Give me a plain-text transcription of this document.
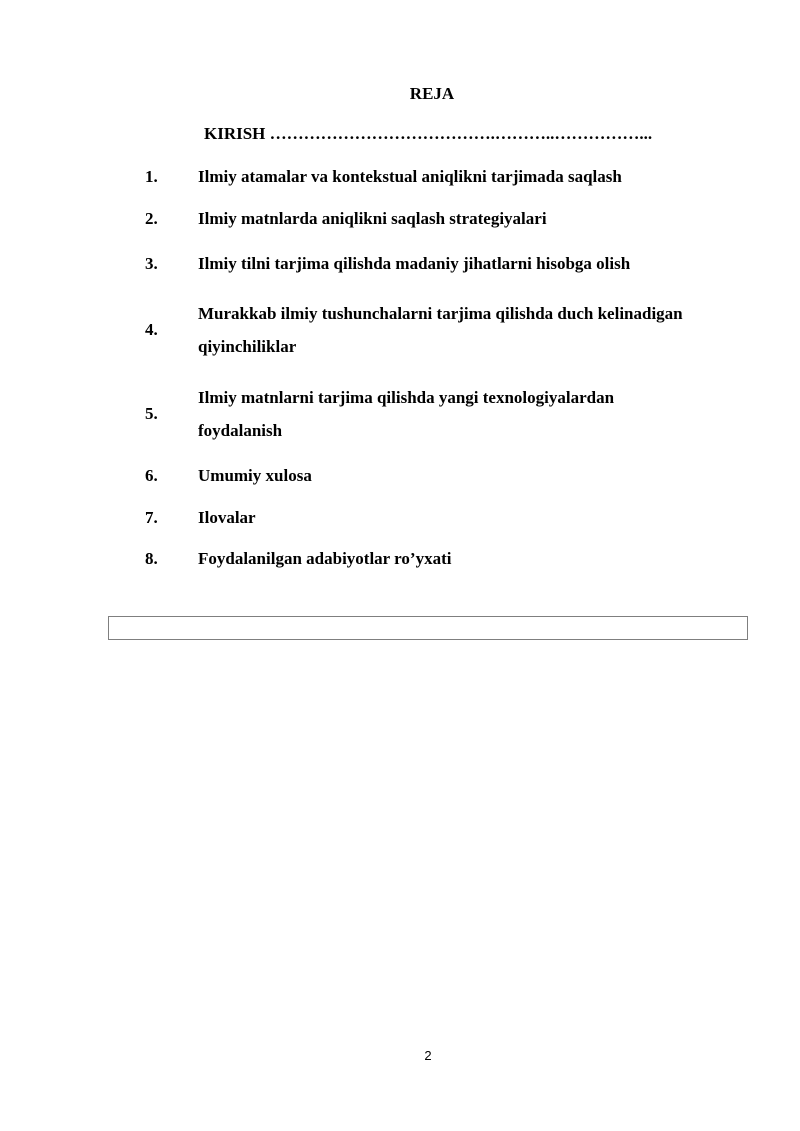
REJA
KIRISH ………………………………….………..……………...
1. Ilmiy atamalar va kontekstual aniqlikni tarjimada saqlash
2. Ilmiy matnlarda aniqlikni saqlash strategiyalari
3. Ilmiy tilni tarjima qilishda madaniy jihatlarni hisobga olish
4.
Murakkab ilmiy tushunchalarni tarjima qilishda duch kelinadigan qiyinchiliklar
5.
Ilmiy matnlarni tarjima qilishda yangi texnologiyalardan foydalanish
6. Umumiy xulosa
7. Ilovalar
8. Foydalanilgan adabiyotlar ro’yxati
2
